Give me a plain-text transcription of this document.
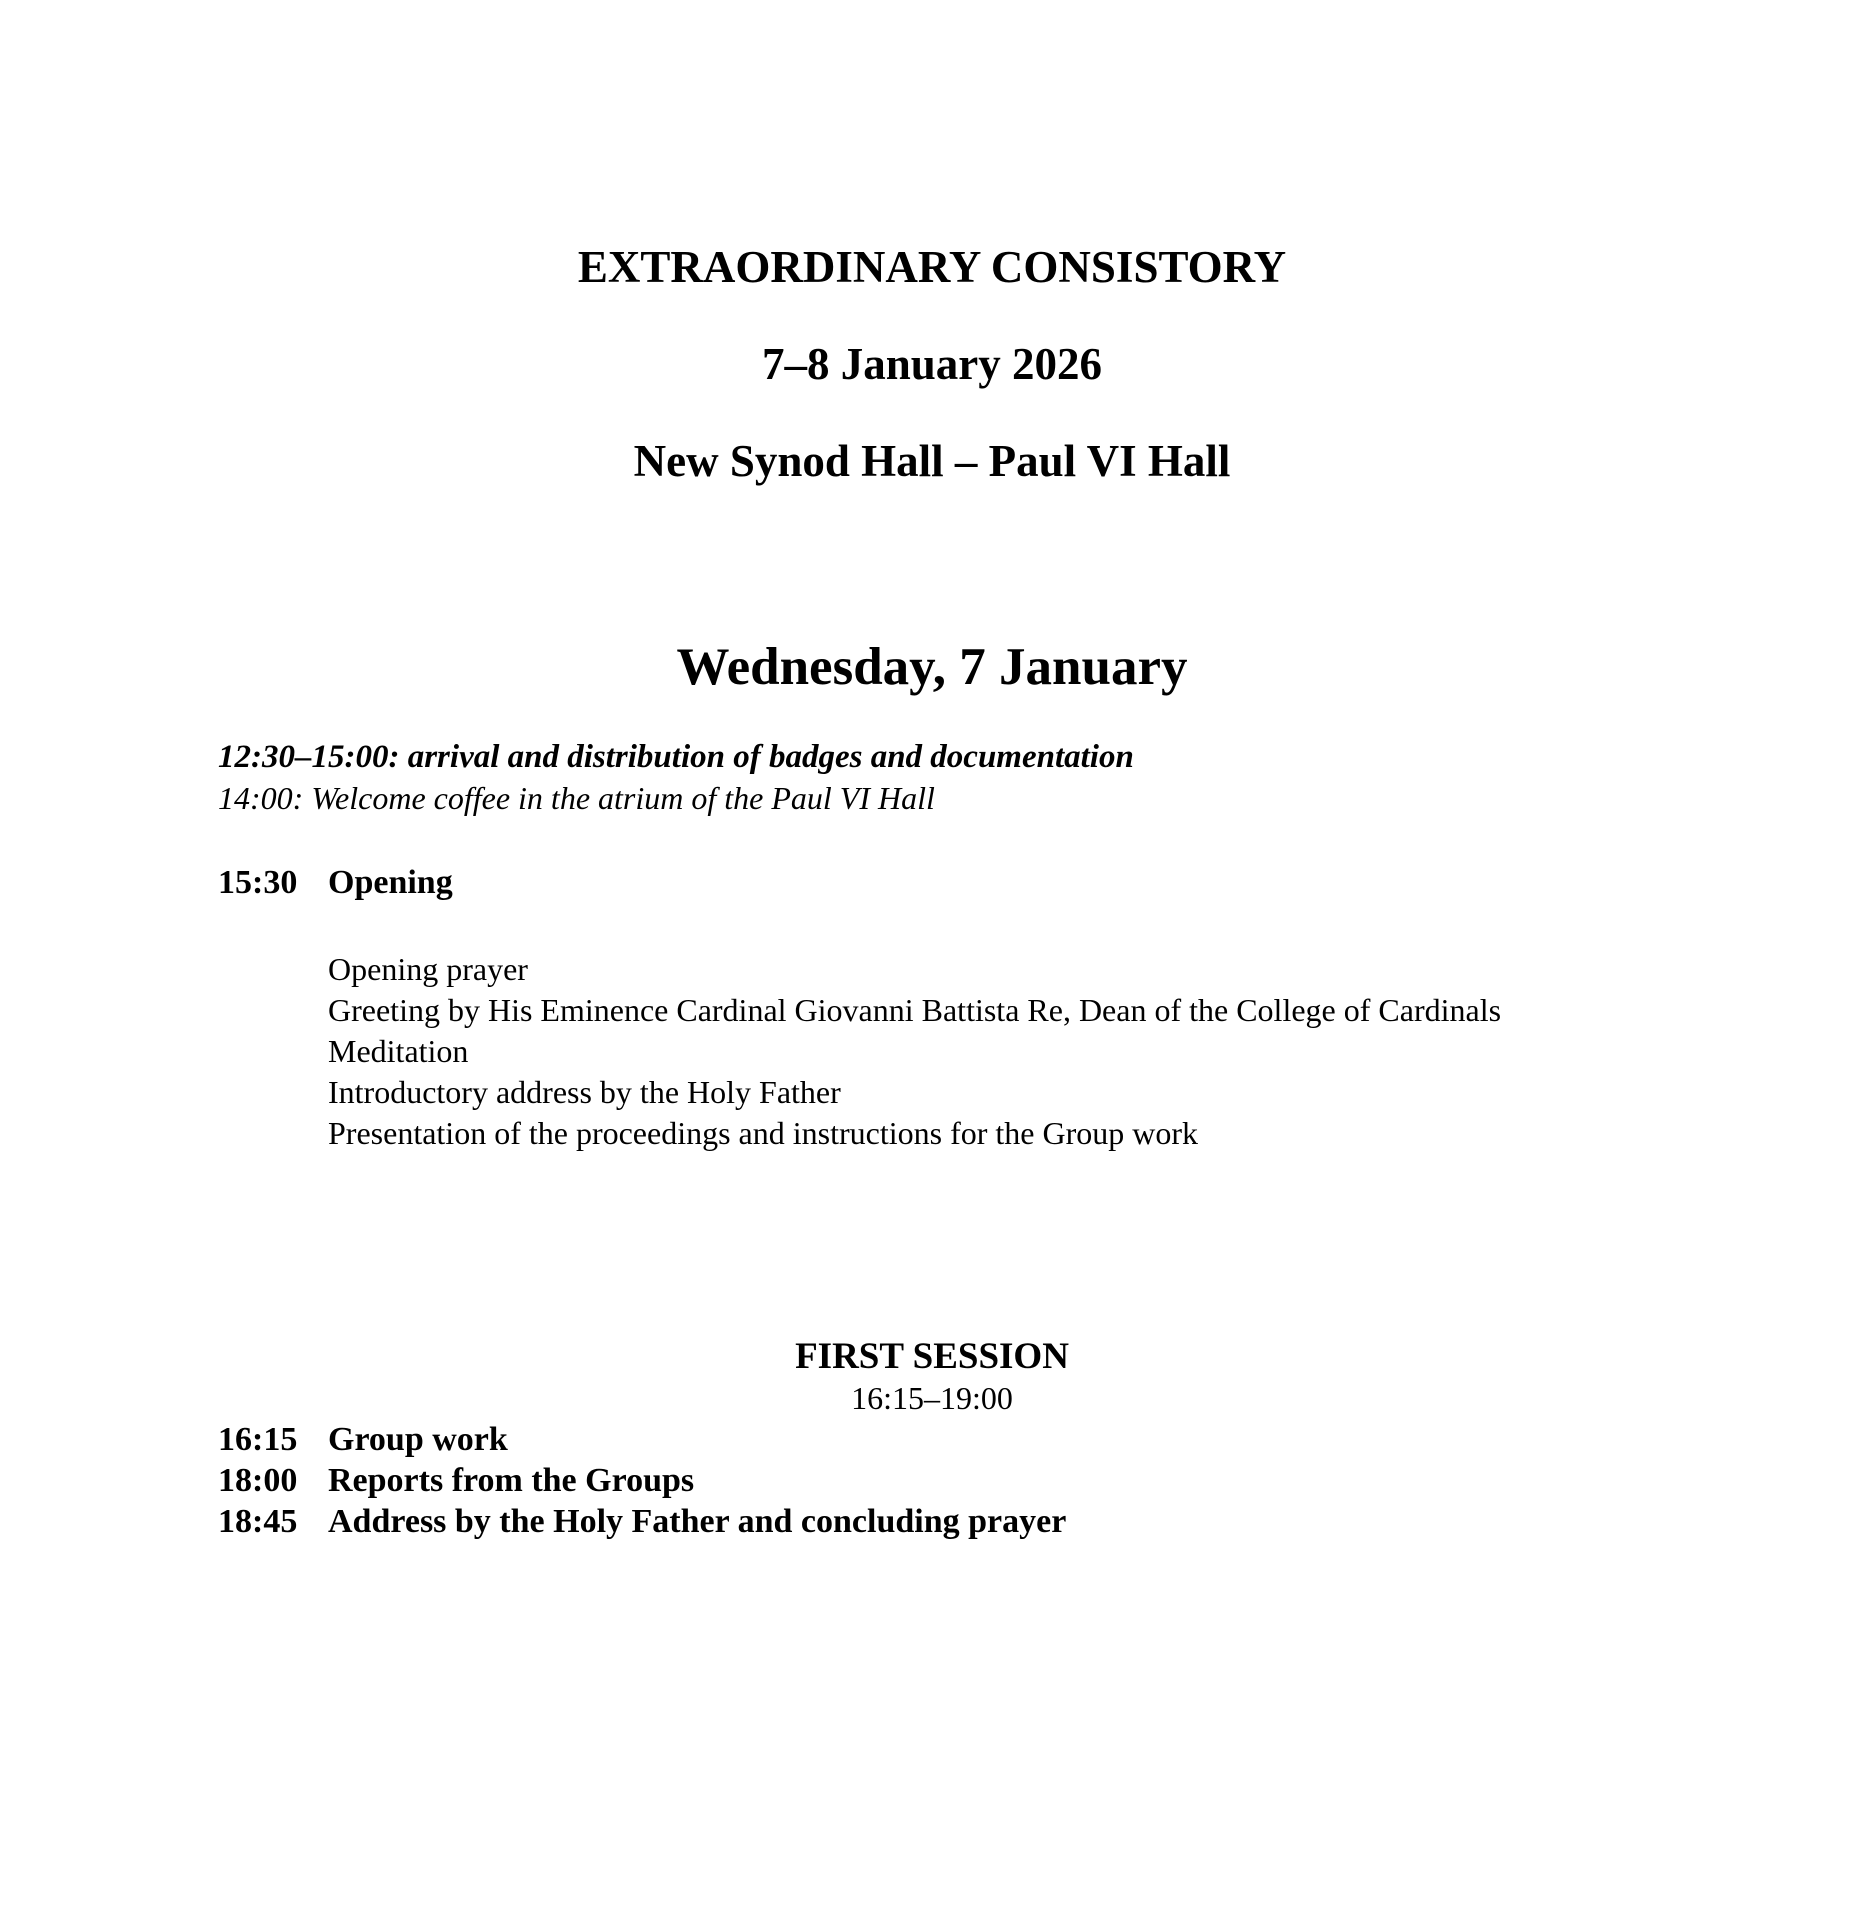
EXTRAORDINARY CONSISTORY
7–8 January 2026
New Synod Hall – Paul VI Hall
Wednesday, 7 January
12:30–15:00: arrival and distribution of badges and documentation
14:00: Welcome coffee in the atrium of the Paul VI Hall
15:30 Opening
Opening prayer
Greeting by His Eminence Cardinal Giovanni Battista Re, Dean of the College of Cardinals
Meditation
Introductory address by the Holy Father
Presentation of the proceedings and instructions for the Group work
FIRST SESSION
16:15–19:00
16:15 Group work
18:00 Reports from the Groups
18:45 Address by the Holy Father and concluding prayer
